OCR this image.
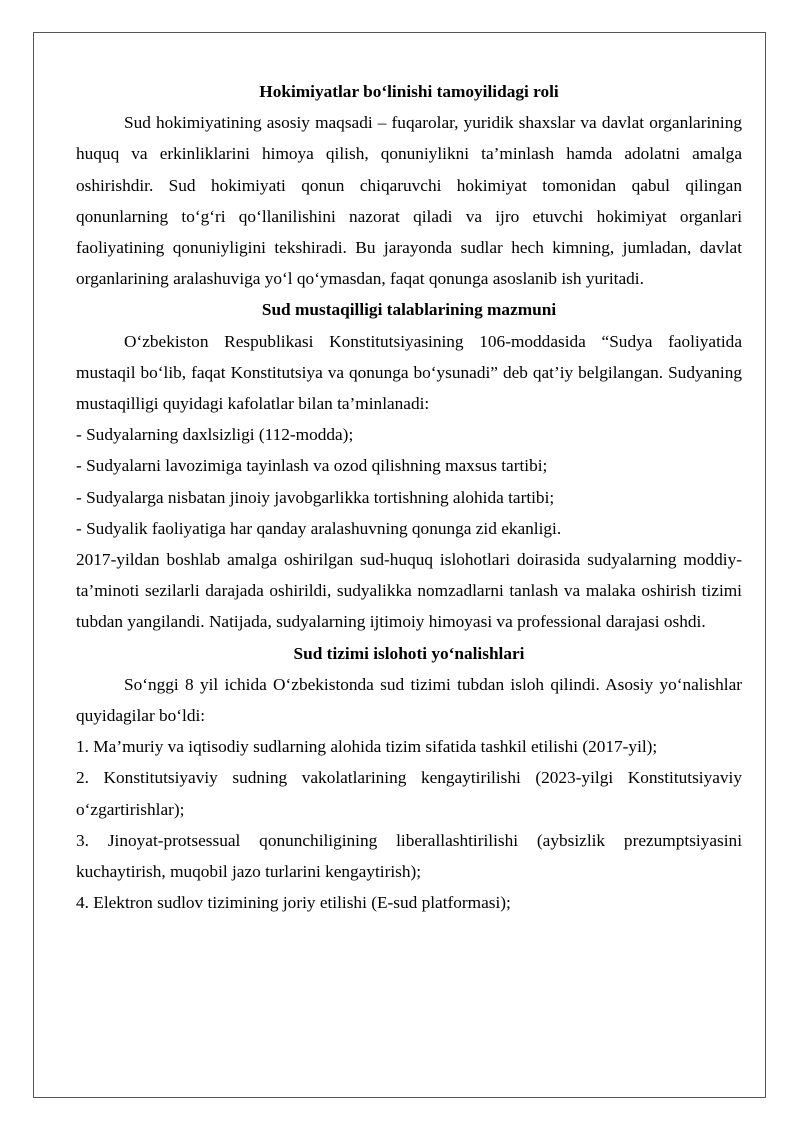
Hokimiyatlar bo‘linishi tamoyilidagi roli

Sud hokimiyatining asosiy maqsadi – fuqarolar, yuridik shaxslar va davlat organlarining huquq va erkinliklarini himoya qilish, qonuniylikni ta’minlash hamda adolatni amalga oshirishdir. Sud hokimiyati qonun chiqaruvchi hokimiyat tomonidan qabul qilingan qonunlarning to‘g‘ri qo‘llanilishini nazorat qiladi va ijro etuvchi hokimiyat organlari faoliyatining qonuniyligini tekshiradi. Bu jarayonda sudlar hech kimning, jumladan, davlat organlarining aralashuviga yo‘l qo‘ymasdan, faqat qonunga asoslanib ish yuritadi.

Sud mustaqilligi talablarining mazmuni

O‘zbekiston Respublikasi Konstitutsiyasining 106-moddasida “Sudya faoliyatida mustaqil bo‘lib, faqat Konstitutsiya va qonunga bo‘ysunadi” deb qat’iy belgilangan. Sudyaning mustaqilligi quyidagi kafolatlar bilan ta’minlanadi:

- Sudyalarning daxlsizligi (112-modda);

- Sudyalarni lavozimiga tayinlash va ozod qilishning maxsus tartibi;

- Sudyalarga nisbatan jinoiy javobgarlikka tortishning alohida tartibi;

- Sudyalik faoliyatiga har qanday aralashuvning qonunga zid ekanligi.

2017-yildan boshlab amalga oshirilgan sud-huquq islohotlari doirasida sudyalarning moddiy-ta’minoti sezilarli darajada oshirildi, sudyalikka nomzadlarni tanlash va malaka oshirish tizimi tubdan yangilandi. Natijada, sudyalarning ijtimoiy himoyasi va professional darajasi oshdi.

Sud tizimi islohoti yo‘nalishlari

So‘nggi 8 yil ichida O‘zbekistonda sud tizimi tubdan isloh qilindi. Asosiy yo‘nalishlar quyidagilar bo‘ldi:

1. Ma’muriy va iqtisodiy sudlarning alohida tizim sifatida tashkil etilishi (2017-yil);

2. Konstitutsiyaviy sudning vakolatlarining kengaytirilishi (2023-yilgi Konstitutsiyaviy o‘zgartirishlar);

3. Jinoyat-protsessual qonunchiligining liberallashtirilishi (aybsizlik prezumptsiyasini kuchaytirish, muqobil jazo turlarini kengaytirish);

4. Elektron sudlov tizimining joriy etilishi (E-sud platformasi);
